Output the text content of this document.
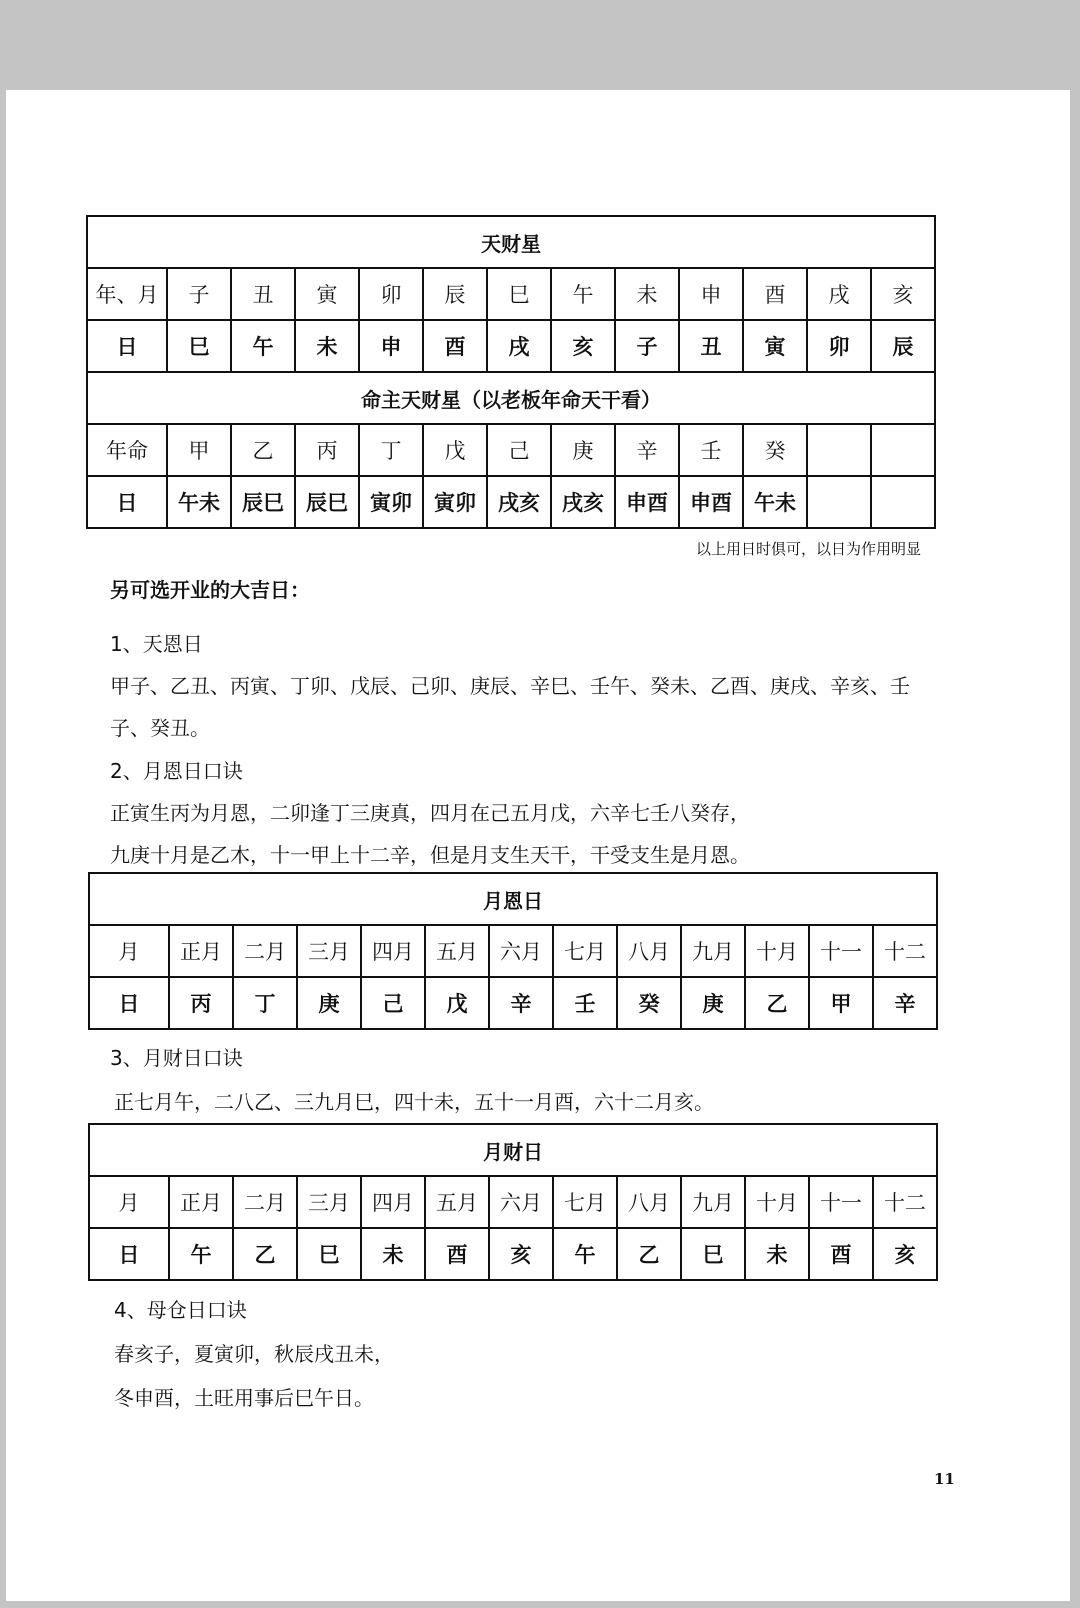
天财星												
年、月	子	丑	寅	卯	辰	巳	午	未	申	酉	戌	亥
日	巳	午	未	申	酉	戌	亥	子	丑	寅	卯	辰
命主天财星（以老板年命天干看）												
年命	甲	乙	丙	丁	戊	己	庚	辛	壬	癸		
日	午未	辰巳	辰巳	寅卯	寅卯	戌亥	戌亥	申酉	申酉	午未		
以上用日时俱可，以日为作用明显
另可选开业的大吉日：
1、天恩日
甲子、乙丑、丙寅、丁卯、戊辰、己卯、庚辰、辛巳、壬午、癸未、乙酉、庚戌、辛亥、壬
子、癸丑。
2、月恩日口诀
正寅生丙为月恩，二卯逢丁三庚真，四月在己五月戊，六辛七壬八癸存，
九庚十月是乙木，十一甲上十二辛，但是月支生天干，干受支生是月恩。
月恩日												
月	正月	二月	三月	四月	五月	六月	七月	八月	九月	十月	十一	十二
日	丙	丁	庚	己	戊	辛	壬	癸	庚	乙	甲	辛
3、月财日口诀
正七月午，二八乙、三九月巳，四十未，五十一月酉，六十二月亥。
月财日												
月	正月	二月	三月	四月	五月	六月	七月	八月	九月	十月	十一	十二
日	午	乙	巳	未	酉	亥	午	乙	巳	未	酉	亥
4、母仓日口诀
春亥子，夏寅卯，秋辰戌丑未，
冬申酉，土旺用事后巳午日。
11
